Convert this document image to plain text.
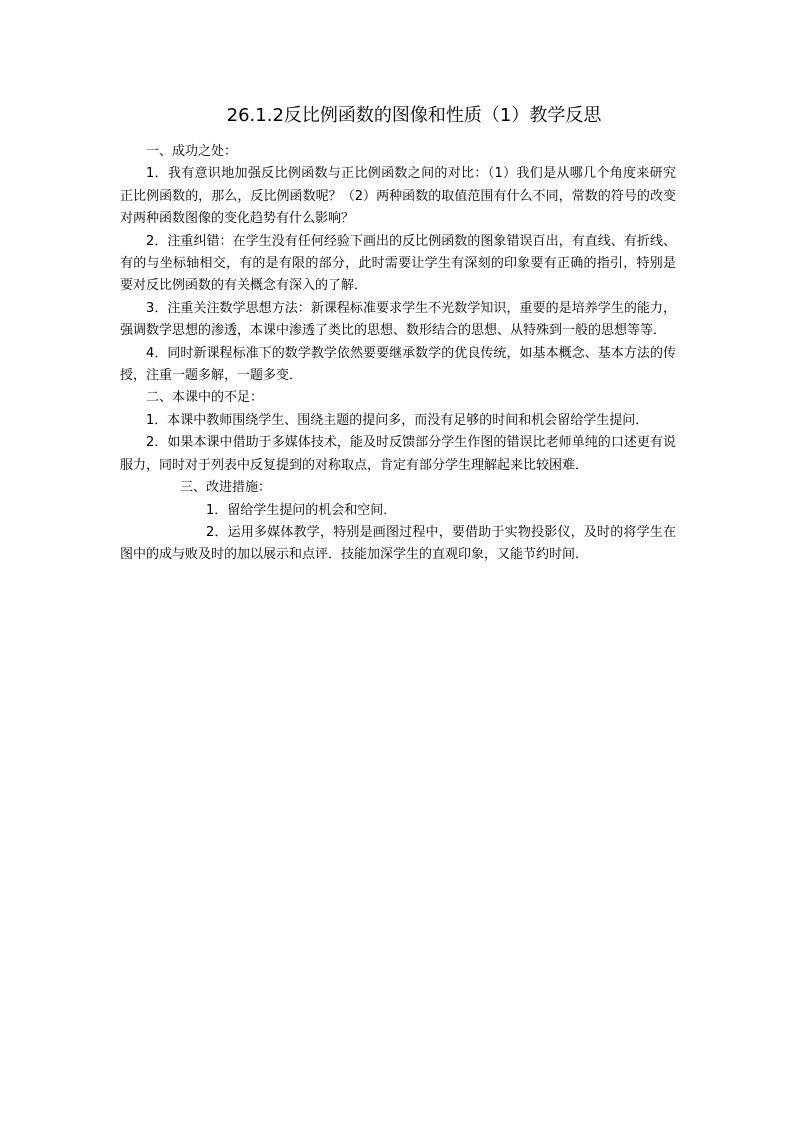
26.1.2反比例函数的图像和性质（1）教学反思

一、成功之处：

1．我有意识地加强反比例函数与正比例函数之间的对比：（1）我们是从哪几个角度来研究正比例函数的，那么，反比例函数呢？（2）两种函数的取值范围有什么不同，常数的符号的改变对两种函数图像的变化趋势有什么影响？

2．注重纠错：在学生没有任何经验下画出的反比例函数的图象错误百出，有直线、有折线、有的与坐标轴相交，有的是有限的部分，此时需要让学生有深刻的印象要有正确的指引，特别是要对反比例函数的有关概念有深入的了解．

3．注重关注数学思想方法：新课程标准要求学生不光数学知识，重要的是培养学生的能力，强调数学思想的渗透，本课中渗透了类比的思想、数形结合的思想、从特殊到一般的思想等等．

4．同时新课程标准下的数学教学依然要要继承数学的优良传统，如基本概念、基本方法的传授，注重一题多解，一题多变．

二、本课中的不足：

1．本课中教师围绕学生、围绕主题的提问多，而没有足够的时间和机会留给学生提问．

2．如果本课中借助于多媒体技术，能及时反馈部分学生作图的错误比老师单纯的口述更有说服力，同时对于列表中反复提到的对称取点，肯定有部分学生理解起来比较困难．

三、改进措施：

1．留给学生提问的机会和空间．

2．运用多媒体教学，特别是画图过程中，要借助于实物投影仪，及时的将学生在图中的成与败及时的加以展示和点评．技能加深学生的直观印象，又能节约时间．
